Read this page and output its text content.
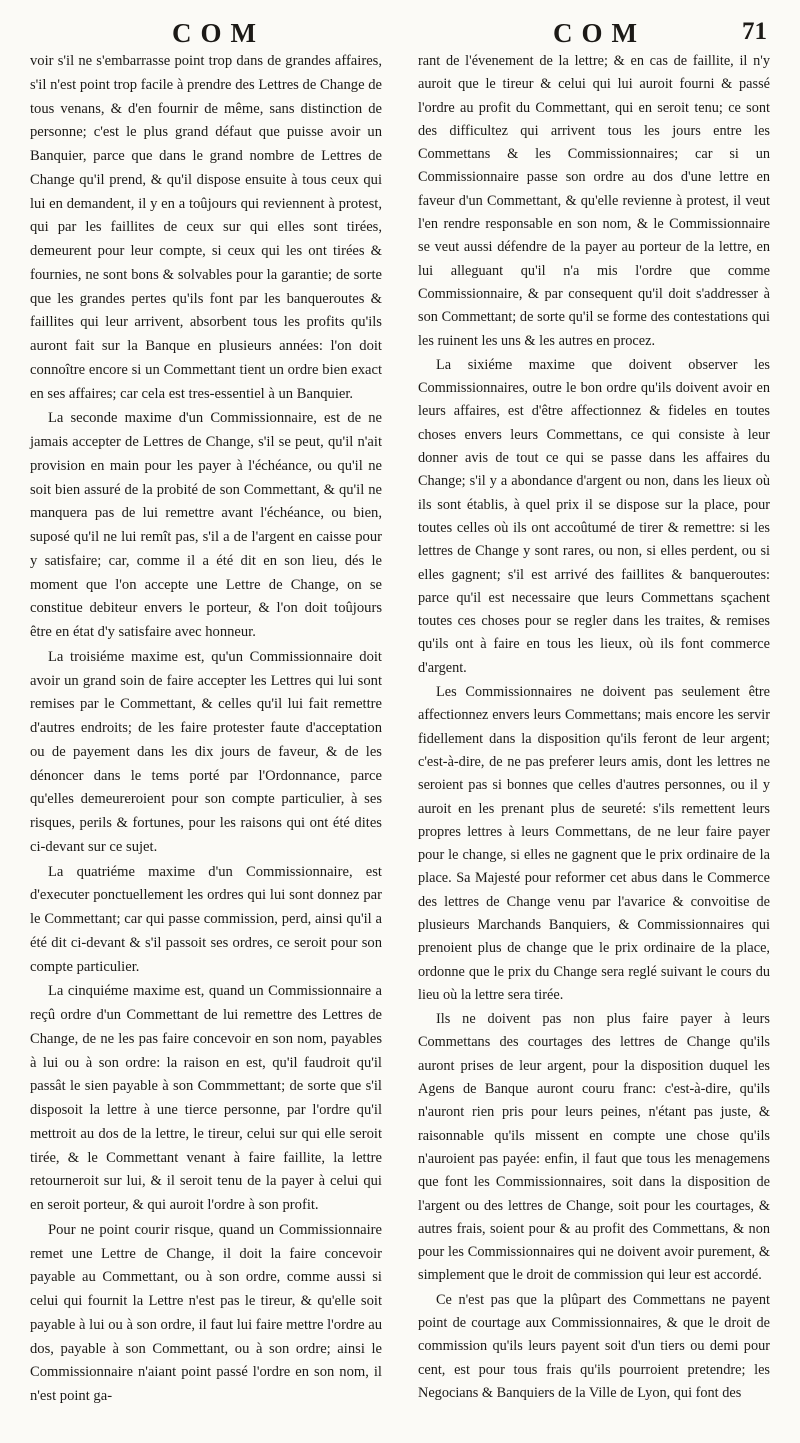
COM	COM	71

voir s'il ne s'embarrasse point trop dans de grandes affaires, s'il n'est point trop facile à prendre des Lettres de Change de tous venans, & d'en fournir de même, sans distinction de personne; c'est le plus grand défaut que puisse avoir un Banquier, parce que dans le grand nombre de Lettres de Change qu'il prend, & qu'il dispose ensuite à tous ceux qui lui en demandent, il y en a toûjours qui reviennent à protest, qui par les faillites de ceux sur qui elles sont tirées, demeurent pour leur compte, si ceux qui les ont tirées & fournies, ne sont bons & solvables pour la garantie; de sorte que les grandes pertes qu'ils font par les banqueroutes & faillites qui leur arrivent, absorbent tous les profits qu'ils auront fait sur la Banque en plusieurs années: l'on doit connoître encore si un Commettant tient un ordre bien exact en ses affaires; car cela est tres-essentiel à un Banquier.

La seconde maxime d'un Commissionnaire, est de ne jamais accepter de Lettres de Change, s'il se peut, qu'il n'ait provision en main pour les payer à l'échéance, ou qu'il ne soit bien assuré de la probité de son Commettant, & qu'il ne manquera pas de lui remettre avant l'échéance, ou bien, suposé qu'il ne lui remît pas, s'il a de l'argent en caisse pour y satisfaire; car, comme il a été dit en son lieu, dés le moment que l'on accepte une Lettre de Change, on se constitue debiteur envers le porteur, & l'on doit toûjours être en état d'y satisfaire avec honneur.

La troisiéme maxime est, qu'un Commissionnaire doit avoir un grand soin de faire accepter les Lettres qui lui sont remises par le Commettant, & celles qu'il lui fait remettre d'autres endroits; de les faire protester faute d'acceptation ou de payement dans les dix jours de faveur, & de les dénoncer dans le tems porté par l'Ordonnance, parce qu'elles demeureroient pour son compte particulier, à ses risques, perils & fortunes, pour les raisons qui ont été dites ci-devant sur ce sujet.

La quatriéme maxime d'un Commissionnaire, est d'executer ponctuellement les ordres qui lui sont donnez par le Commettant; car qui passe commission, perd, ainsi qu'il a été dit ci-devant & s'il passoit ses ordres, ce seroit pour son compte particulier.

La cinquiéme maxime est, quand un Commissionnaire a reçû ordre d'un Commettant de lui remettre des Lettres de Change, de ne les pas faire concevoir en son nom, payables à lui ou à son ordre: la raison en est, qu'il faudroit qu'il passât le sien payable à son Commmettant; de sorte que s'il disposoit la lettre à une tierce personne, par l'ordre qu'il mettroit au dos de la lettre, le tireur, celui sur qui elle seroit tirée, & le Commettant venant à faire faillite, la lettre retourneroit sur lui, & il seroit tenu de la payer à celui qui en seroit porteur, & qui auroit l'ordre à son profit.

Pour ne point courir risque, quand un Commissionnaire remet une Lettre de Change, il doit la faire concevoir payable au Commettant, ou à son ordre, comme aussi si celui qui fournit la Lettre n'est pas le tireur, & qu'elle soit payable à lui ou à son ordre, il faut lui faire mettre l'ordre au dos, payable à son Commettant, ou à son ordre; ainsi le Commissionnaire n'aiant point passé l'ordre en son nom, il n'est point ga-

rant de l'évenement de la lettre; & en cas de faillite, il n'y auroit que le tireur & celui qui lui auroit fourni & passé l'ordre au profit du Commettant, qui en seroit tenu; ce sont des difficultez qui arrivent tous les jours entre les Commettans & les Commissionnaires; car si un Commissionnaire passe son ordre au dos d'une lettre en faveur d'un Commettant, & qu'elle revienne à protest, il veut l'en rendre responsable en son nom, & le Commissionnaire se veut aussi défendre de la payer au porteur de la lettre, en lui alleguant qu'il n'a mis l'ordre que comme Commissionnaire, & par consequent qu'il doit s'addresser à son Commettant; de sorte qu'il se forme des contestations qui les ruinent les uns & les autres en procez.

La sixiéme maxime que doivent observer les Commissionnaires, outre le bon ordre qu'ils doivent avoir en leurs affaires, est d'être affectionnez & fideles en toutes choses envers leurs Commettans, ce qui consiste à leur donner avis de tout ce qui se passe dans les affaires du Change; s'il y a abondance d'argent ou non, dans les lieux où ils sont établis, à quel prix il se dispose sur la place, pour toutes celles où ils ont accoûtumé de tirer & remettre: si les lettres de Change y sont rares, ou non, si elles perdent, ou si elles gagnent; s'il est arrivé des faillites & banqueroutes: parce qu'il est necessaire que leurs Commettans sçachent toutes ces choses pour se regler dans les traites, & remises qu'ils ont à faire en tous les lieux, où ils font commerce d'argent.

Les Commissionnaires ne doivent pas seulement être affectionnez envers leurs Commettans; mais encore les servir fidellement dans la disposition qu'ils feront de leur argent; c'est-à-dire, de ne pas preferer leurs amis, dont les lettres ne seroient pas si bonnes que celles d'autres personnes, ou il y auroit en les prenant plus de seureté: s'ils remettent leurs propres lettres à leurs Commettans, de ne leur faire payer pour le change, si elles ne gagnent que le prix ordinaire de la place. Sa Majesté pour reformer cet abus dans le Commerce des lettres de Change venu par l'avarice & convoitise de plusieurs Marchands Banquiers, & Commissionnaires qui prenoient plus de change que le prix ordinaire de la place, ordonne que le prix du Change sera reglé suivant le cours du lieu où la lettre sera tirée.

Ils ne doivent pas non plus faire payer à leurs Commettans des courtages des lettres de Change qu'ils auront prises de leur argent, pour la disposition duquel les Agens de Banque auront couru franc: c'est-à-dire, qu'ils n'auront rien pris pour leurs peines, n'étant pas juste, & raisonnable qu'ils missent en compte une chose qu'ils n'auroient pas payée: enfin, il faut que tous les menagemens que font les Commissionnaires, soit dans la disposition de l'argent ou des lettres de Change, soit pour les courtages, & autres frais, soient pour & au profit des Commettans, & non pour les Commissionnaires qui ne doivent avoir purement, & simplement que le droit de commission qui leur est accordé.

Ce n'est pas que la plûpart des Commettans ne payent point de courtage aux Commissionnaires, & que le droit de commission qu'ils leurs payent soit d'un tiers ou demi pour cent, est pour tous frais qu'ils pourroient pretendre; les Negocians & Banquiers de la Ville de Lyon, qui font des
